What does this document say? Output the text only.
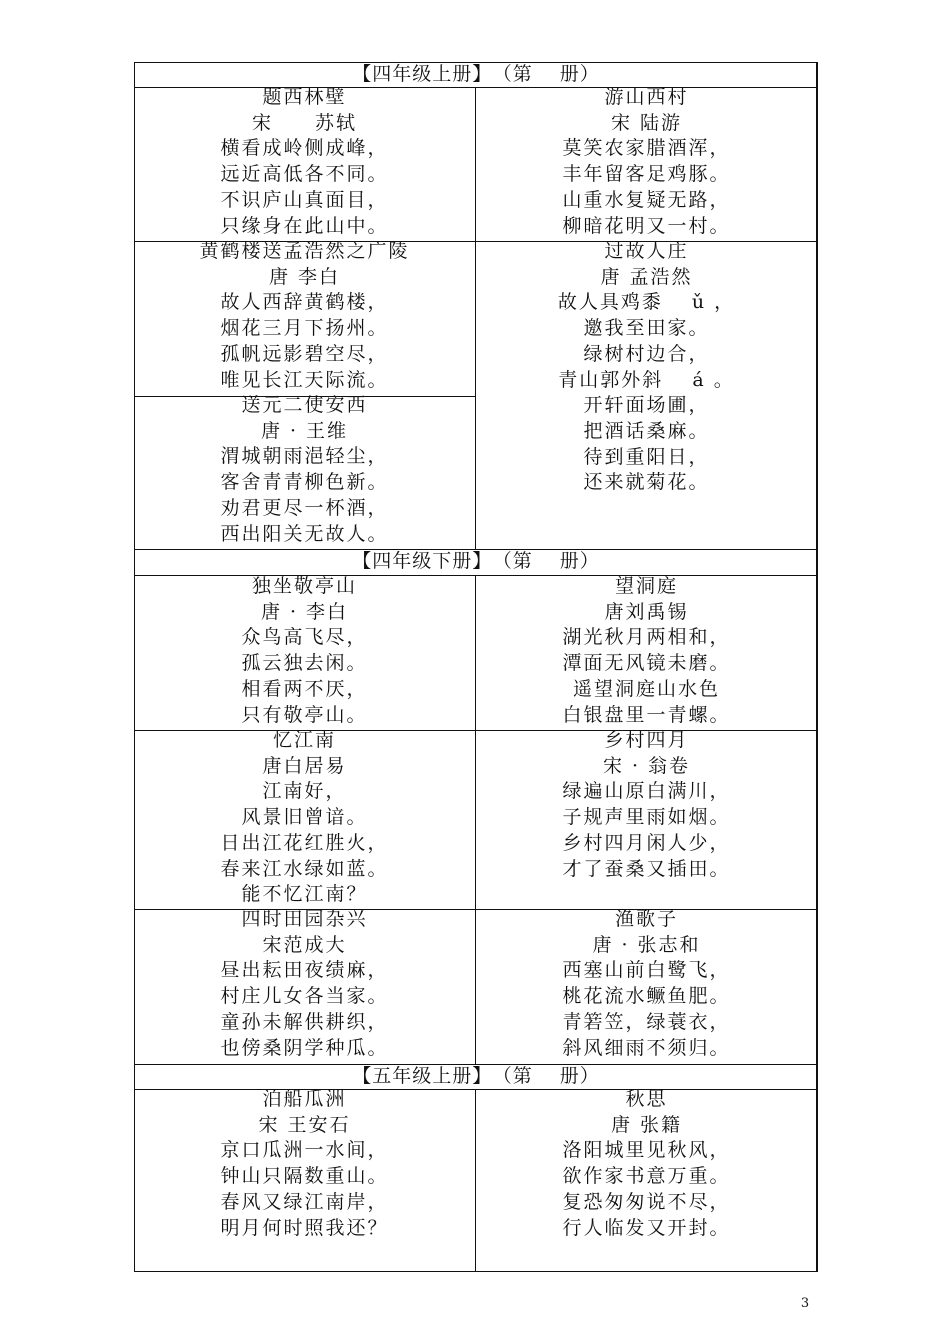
【四年级上册】 （第　 册）
【四年级下册】 （第　 册）
【五年级上册】 （第　 册）
题西林壁
宋　　苏轼
横看成岭侧成峰，
远近高低各不同。
不识庐山真面目，
只缘身在此山中。
游山西村
宋 陆游
莫笑农家腊酒浑，
丰年留客足鸡豚。
山重水复疑无路，
柳暗花明又一村。
黄鹤楼送孟浩然之广陵
唐 李白
故人西辞黄鹤楼，
烟花三月下扬州。
孤帆远影碧空尽，
唯见长江天际流。
过故人庄
唐 孟浩然
故人具鸡黍　 ǔ ，
邀我至田家。
绿树村边合，
青山郭外斜　 á 。
开轩面场圃，
把酒话桑麻。
待到重阳日，
还来就菊花。
送元二使安西
唐 · 王维
渭城朝雨浥轻尘，
客舍青青柳色新。
劝君更尽一杯酒，
西出阳关无故人。
独坐敬亭山
唐 · 李白
众鸟高飞尽，
孤云独去闲。
相看两不厌，
只有敬亭山。
望洞庭
唐刘禹锡
湖光秋月两相和，
潭面无风镜未磨。
遥望洞庭山水色
白银盘里一青螺。
忆江南
唐白居易
江南好，
风景旧曾谙。
日出江花红胜火，
春来江水绿如蓝。
能不忆江南？
乡村四月
宋 · 翁卷
绿遍山原白满川，
子规声里雨如烟。
乡村四月闲人少，
才了蚕桑又插田。
四时田园杂兴
宋范成大
昼出耘田夜绩麻，
村庄儿女各当家。
童孙未解供耕织，
也傍桑阴学种瓜。
渔歌子
唐 · 张志和
西塞山前白鹭飞，
桃花流水鳜鱼肥。
青箬笠，绿蓑衣，
斜风细雨不须归。
泊船瓜洲
宋 王安石
京口瓜洲一水间，
钟山只隔数重山。
春风又绿江南岸，
明月何时照我还？
秋思
唐 张籍
洛阳城里见秋风，
欲作家书意万重。
复恐匆匆说不尽，
行人临发又开封。
3
